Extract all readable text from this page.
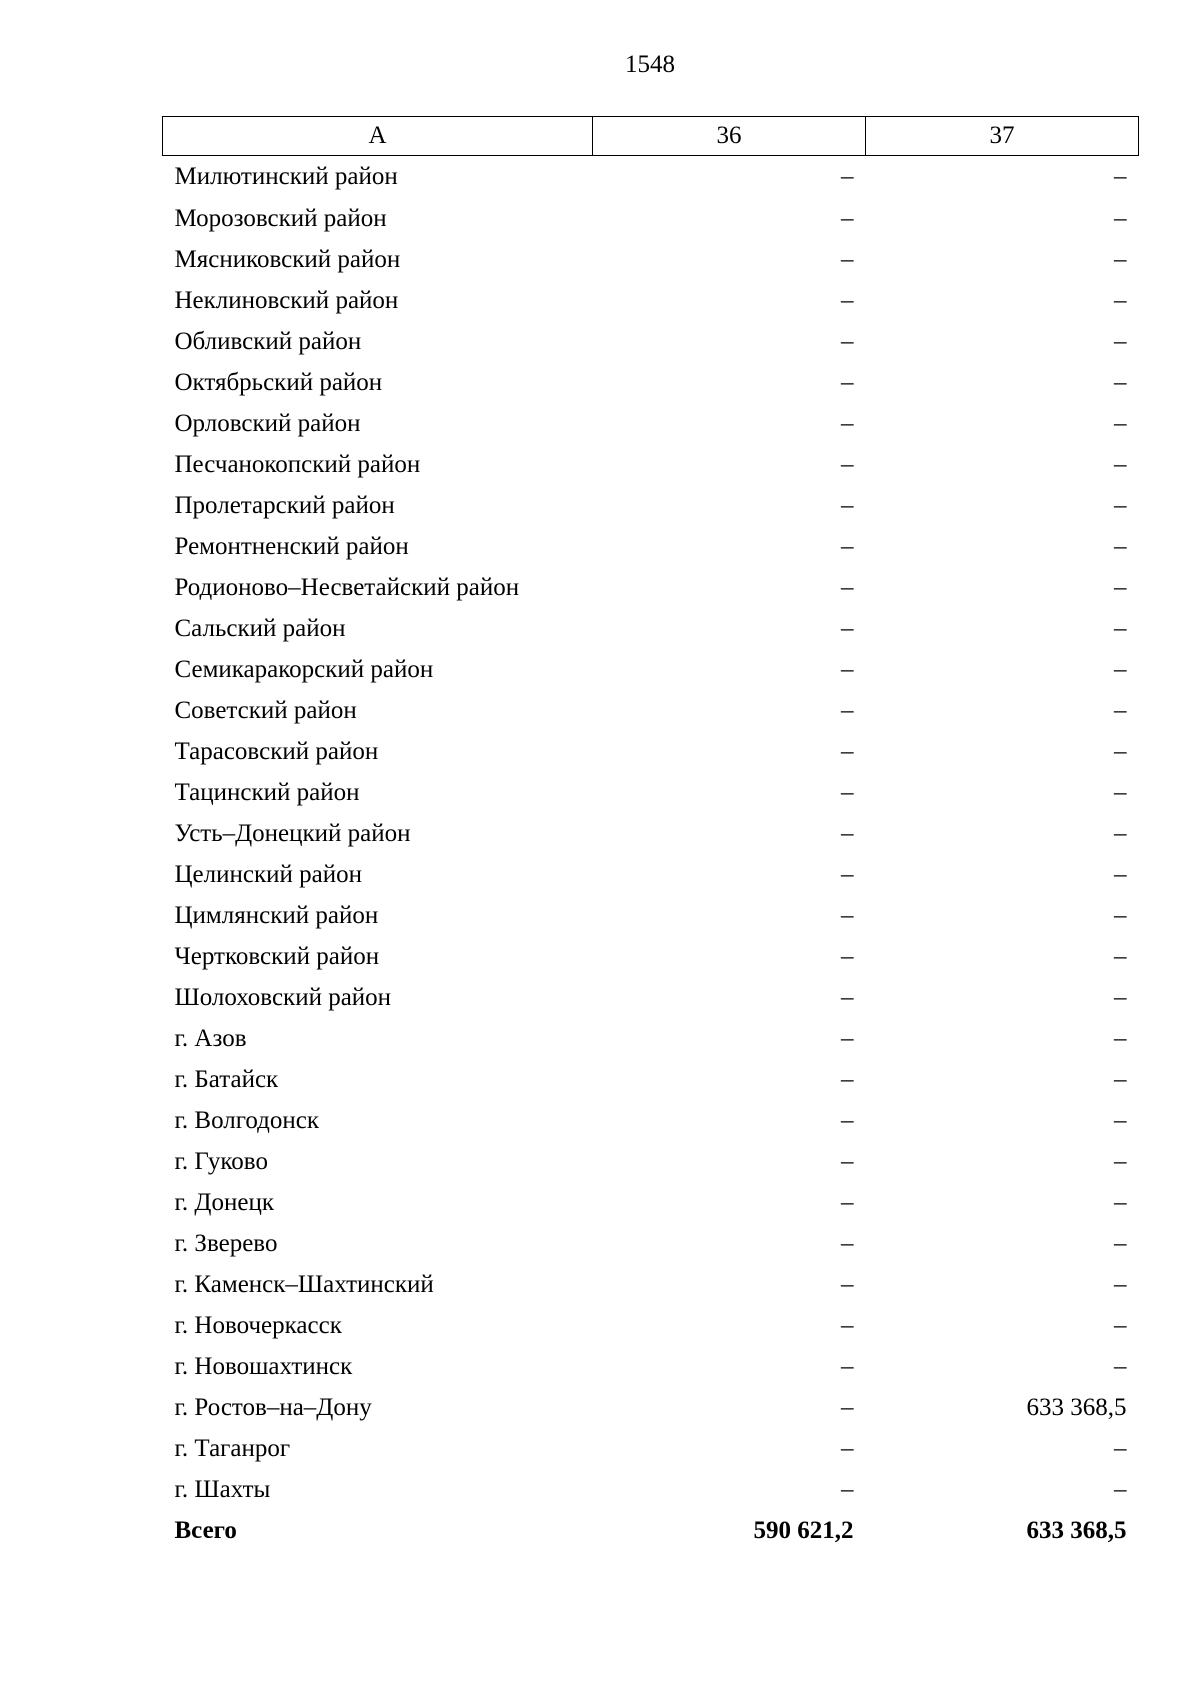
1548
А	36	37
Милютинский район	–	–
Морозовский район	–	–
Мясниковский район	–	–
Неклиновский район	–	–
Обливский район	–	–
Октябрьский район	–	–
Орловский район	–	–
Песчанокопский район	–	–
Пролетарский район	–	–
Ремонтненский район	–	–
Родионово–Несветайский район	–	–
Сальский район	–	–
Семикаракорский район	–	–
Советский район	–	–
Тарасовский район	–	–
Тацинский район	–	–
Усть–Донецкий район	–	–
Целинский район	–	–
Цимлянский район	–	–
Чертковский район	–	–
Шолоховский район	–	–
г. Азов	–	–
г. Батайск	–	–
г. Волгодонск	–	–
г. Гуково	–	–
г. Донецк	–	–
г. Зверево	–	–
г. Каменск–Шахтинский	–	–
г. Новочеркасск	–	–
г. Новошахтинск	–	–
г. Ростов–на–Дону	–	633 368,5
г. Таганрог	–	–
г. Шахты	–	–
Всего	590 621,2	633 368,5
